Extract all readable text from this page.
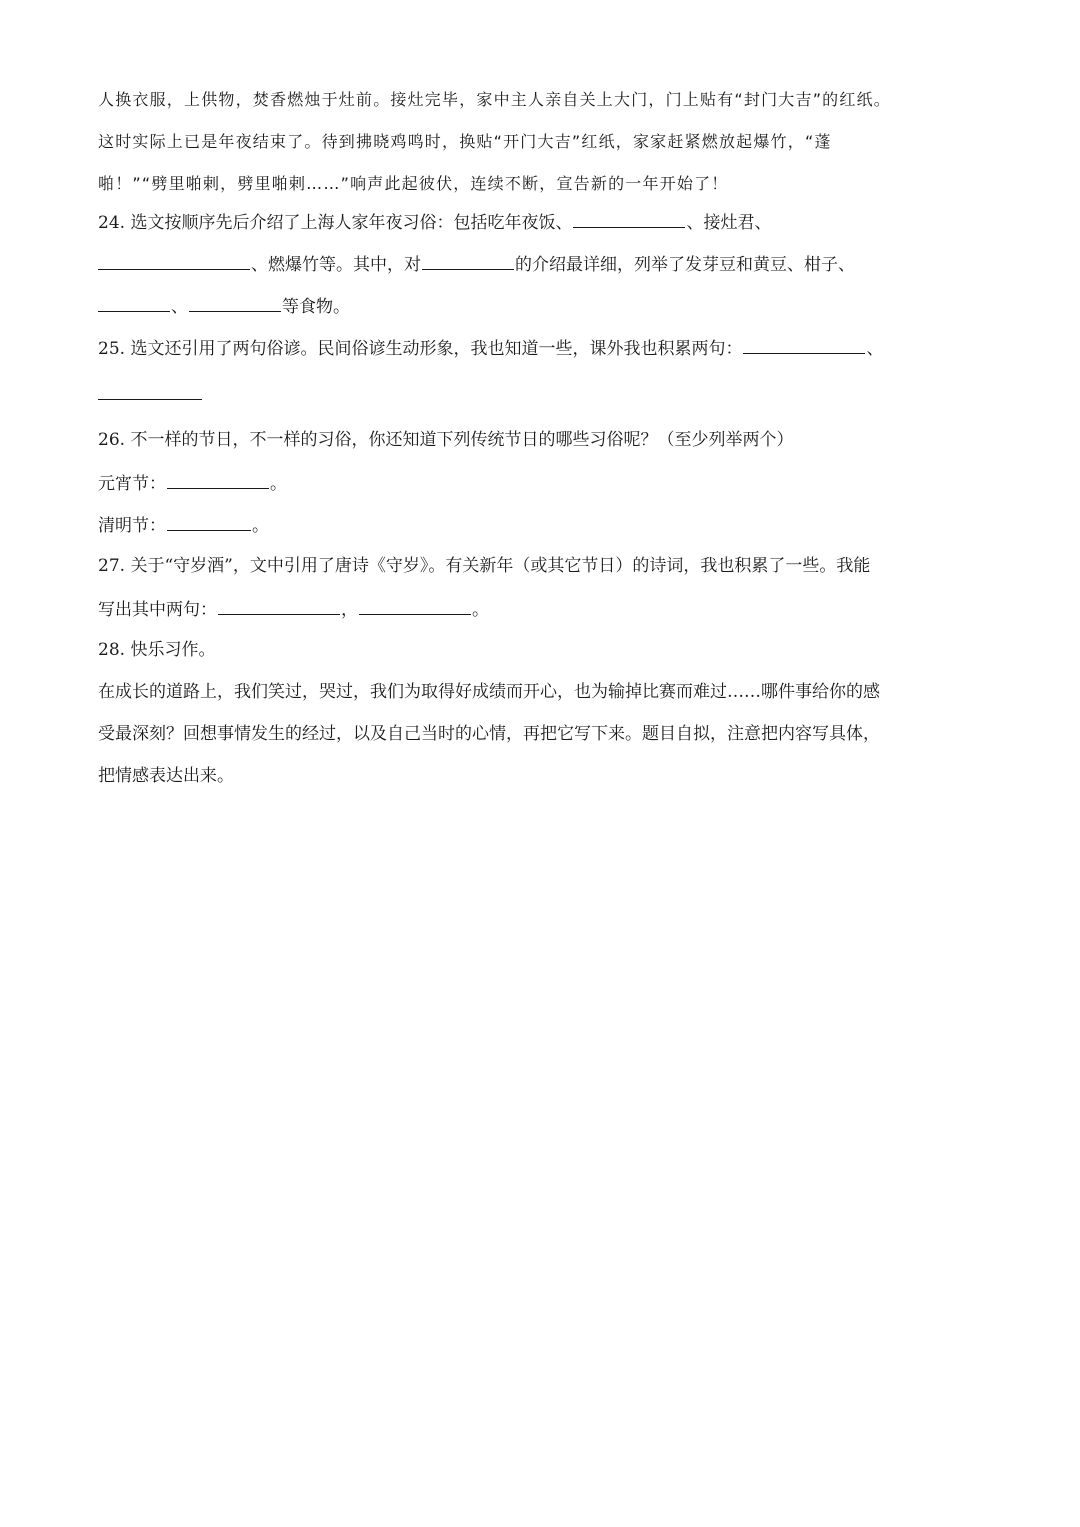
人换衣服，上供物，焚香燃烛于灶前。接灶完毕，家中主人亲自关上大门，门上贴有“封门大吉”的红纸。
这时实际上已是年夜结束了。待到拂晓鸡鸣时，换贴“开门大吉”红纸，家家赶紧燃放起爆竹，“蓬
啪！”“劈里啪剌，劈里啪剌……”响声此起彼伏，连续不断，宣告新的一年开始了！
24. 选文按顺序先后介绍了上海人家年夜习俗：包括吃年夜饭、	、接灶君、
、燃爆竹等。其中，对	的介绍最详细，列举了发芽豆和黄豆、柑子、
、	等食物。
25. 选文还引用了两句俗谚。民间俗谚生动形象，我也知道一些，课外我也积累两句：	、
26. 不一样的节日，不一样的习俗，你还知道下列传统节日的哪些习俗呢？（至少列举两个）
元宵节：	。
清明节：	。
27. 关于“守岁酒”，文中引用了唐诗《守岁》。有关新年（或其它节日）的诗词，我也积累了一些。我能
写出其中两句：	，	。
28. 快乐习作。
在成长的道路上，我们笑过，哭过，我们为取得好成绩而开心，也为输掉比赛而难过……哪件事给你的感
受最深刻？回想事情发生的经过，以及自己当时的心情，再把它写下来。题目自拟，注意把内容写具体，
把情感表达出来。
